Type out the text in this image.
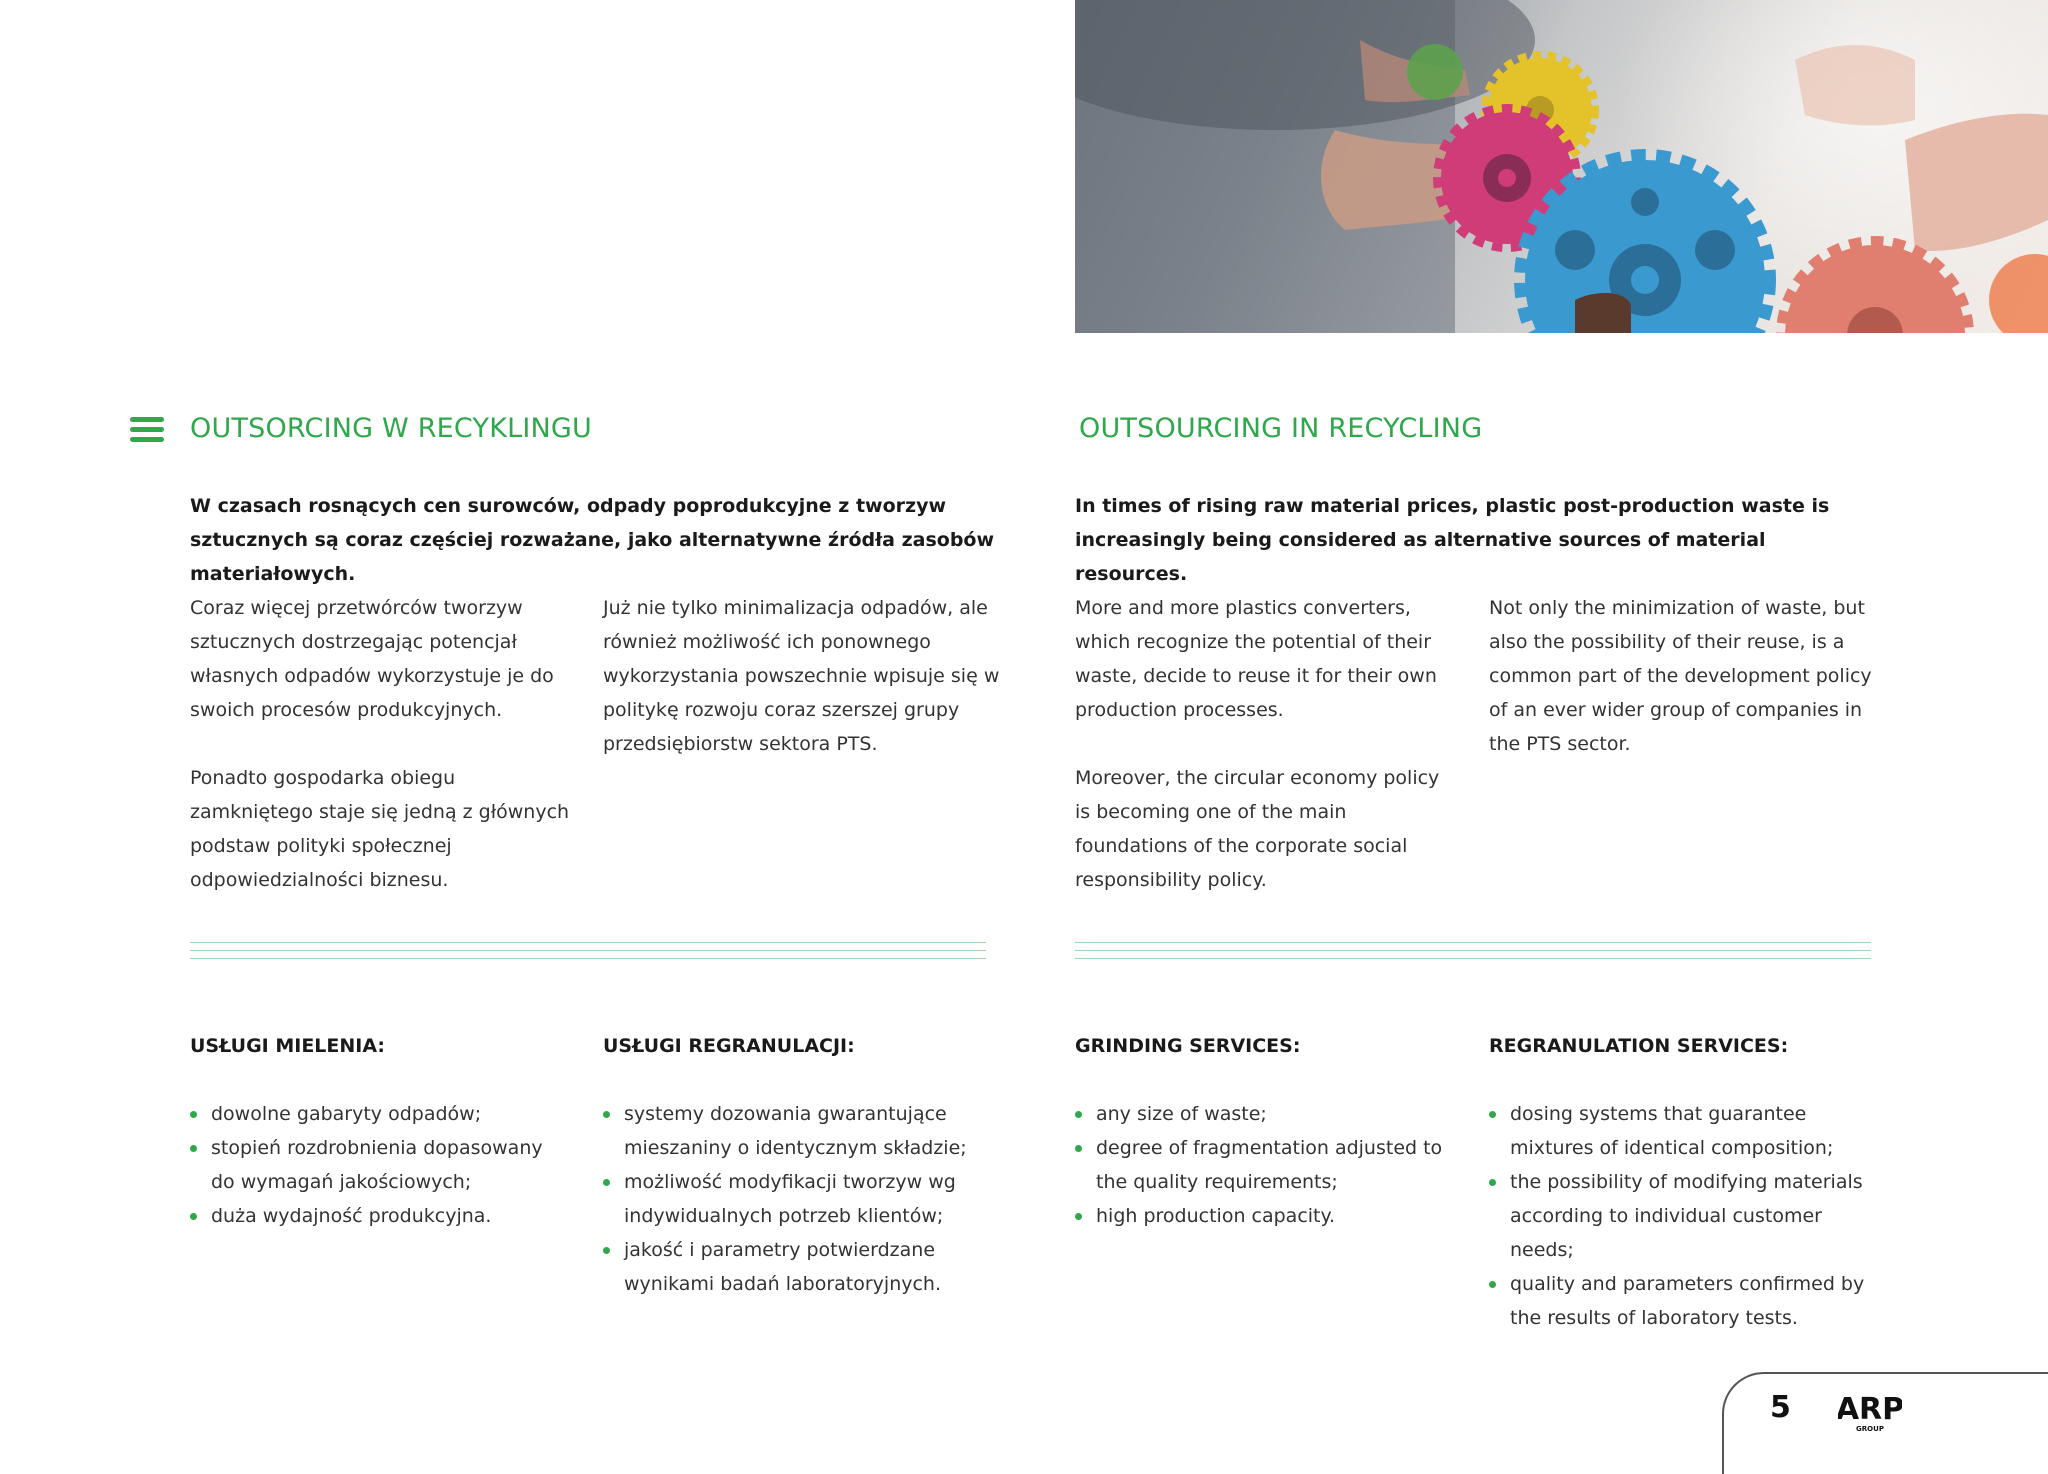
OUTSORCING W RECYKLINGU
W czasach rosnących cen surowców, odpady poprodukcyjne z tworzyw sztucznych są coraz częściej rozważane, jako alternatywne źródła zasobów materiałowych.
Coraz więcej przetwórców tworzyw sztucznych dostrzegając potencjał własnych odpadów wykorzystuje je do swoich procesów produkcyjnych.
Ponadto gospodarka obiegu zamkniętego staje się jedną z głównych podstaw polityki społecznej odpowiedzialności biznesu.
Już nie tylko minimalizacja odpadów, ale również możliwość ich ponownego wykorzystania powszechnie wpisuje się w politykę rozwoju coraz szerszej grupy przedsiębiorstw sektora PTS.
USŁUGI MIELENIA:
dowolne gabaryty odpadów;
stopień rozdrobnienia dopasowany do wymagań jakościowych;
duża wydajność produkcyjna.
USŁUGI REGRANULACJI:
systemy dozowania gwarantujące mieszaniny o identycznym składzie;
możliwość modyfikacji tworzyw wg indywidualnych potrzeb klientów;
jakość i parametry potwierdzane wynikami badań laboratoryjnych.
OUTSOURCING IN RECYCLING
In times of rising raw material prices, plastic post-production waste is increasingly being considered as alternative sources of material resources.
More and more plastics converters, which recognize the potential of their waste, decide to reuse it for their own production processes.
Moreover, the circular economy policy is becoming one of the main foundations of the corporate social responsibility policy.
Not only the minimization of waste, but also the possibility of their reuse, is a common part of the development policy of an ever wider group of companies in the PTS sector.
GRINDING SERVICES:
any size of waste;
degree of fragmentation adjusted to the quality requirements;
high production capacity.
REGRANULATION SERVICES:
dosing systems that guarantee mixtures of identical composition;
the possibility of modifying materials according to individual customer needs;
quality and parameters confirmed by the results of laboratory tests.
5 ARP
GROUP
